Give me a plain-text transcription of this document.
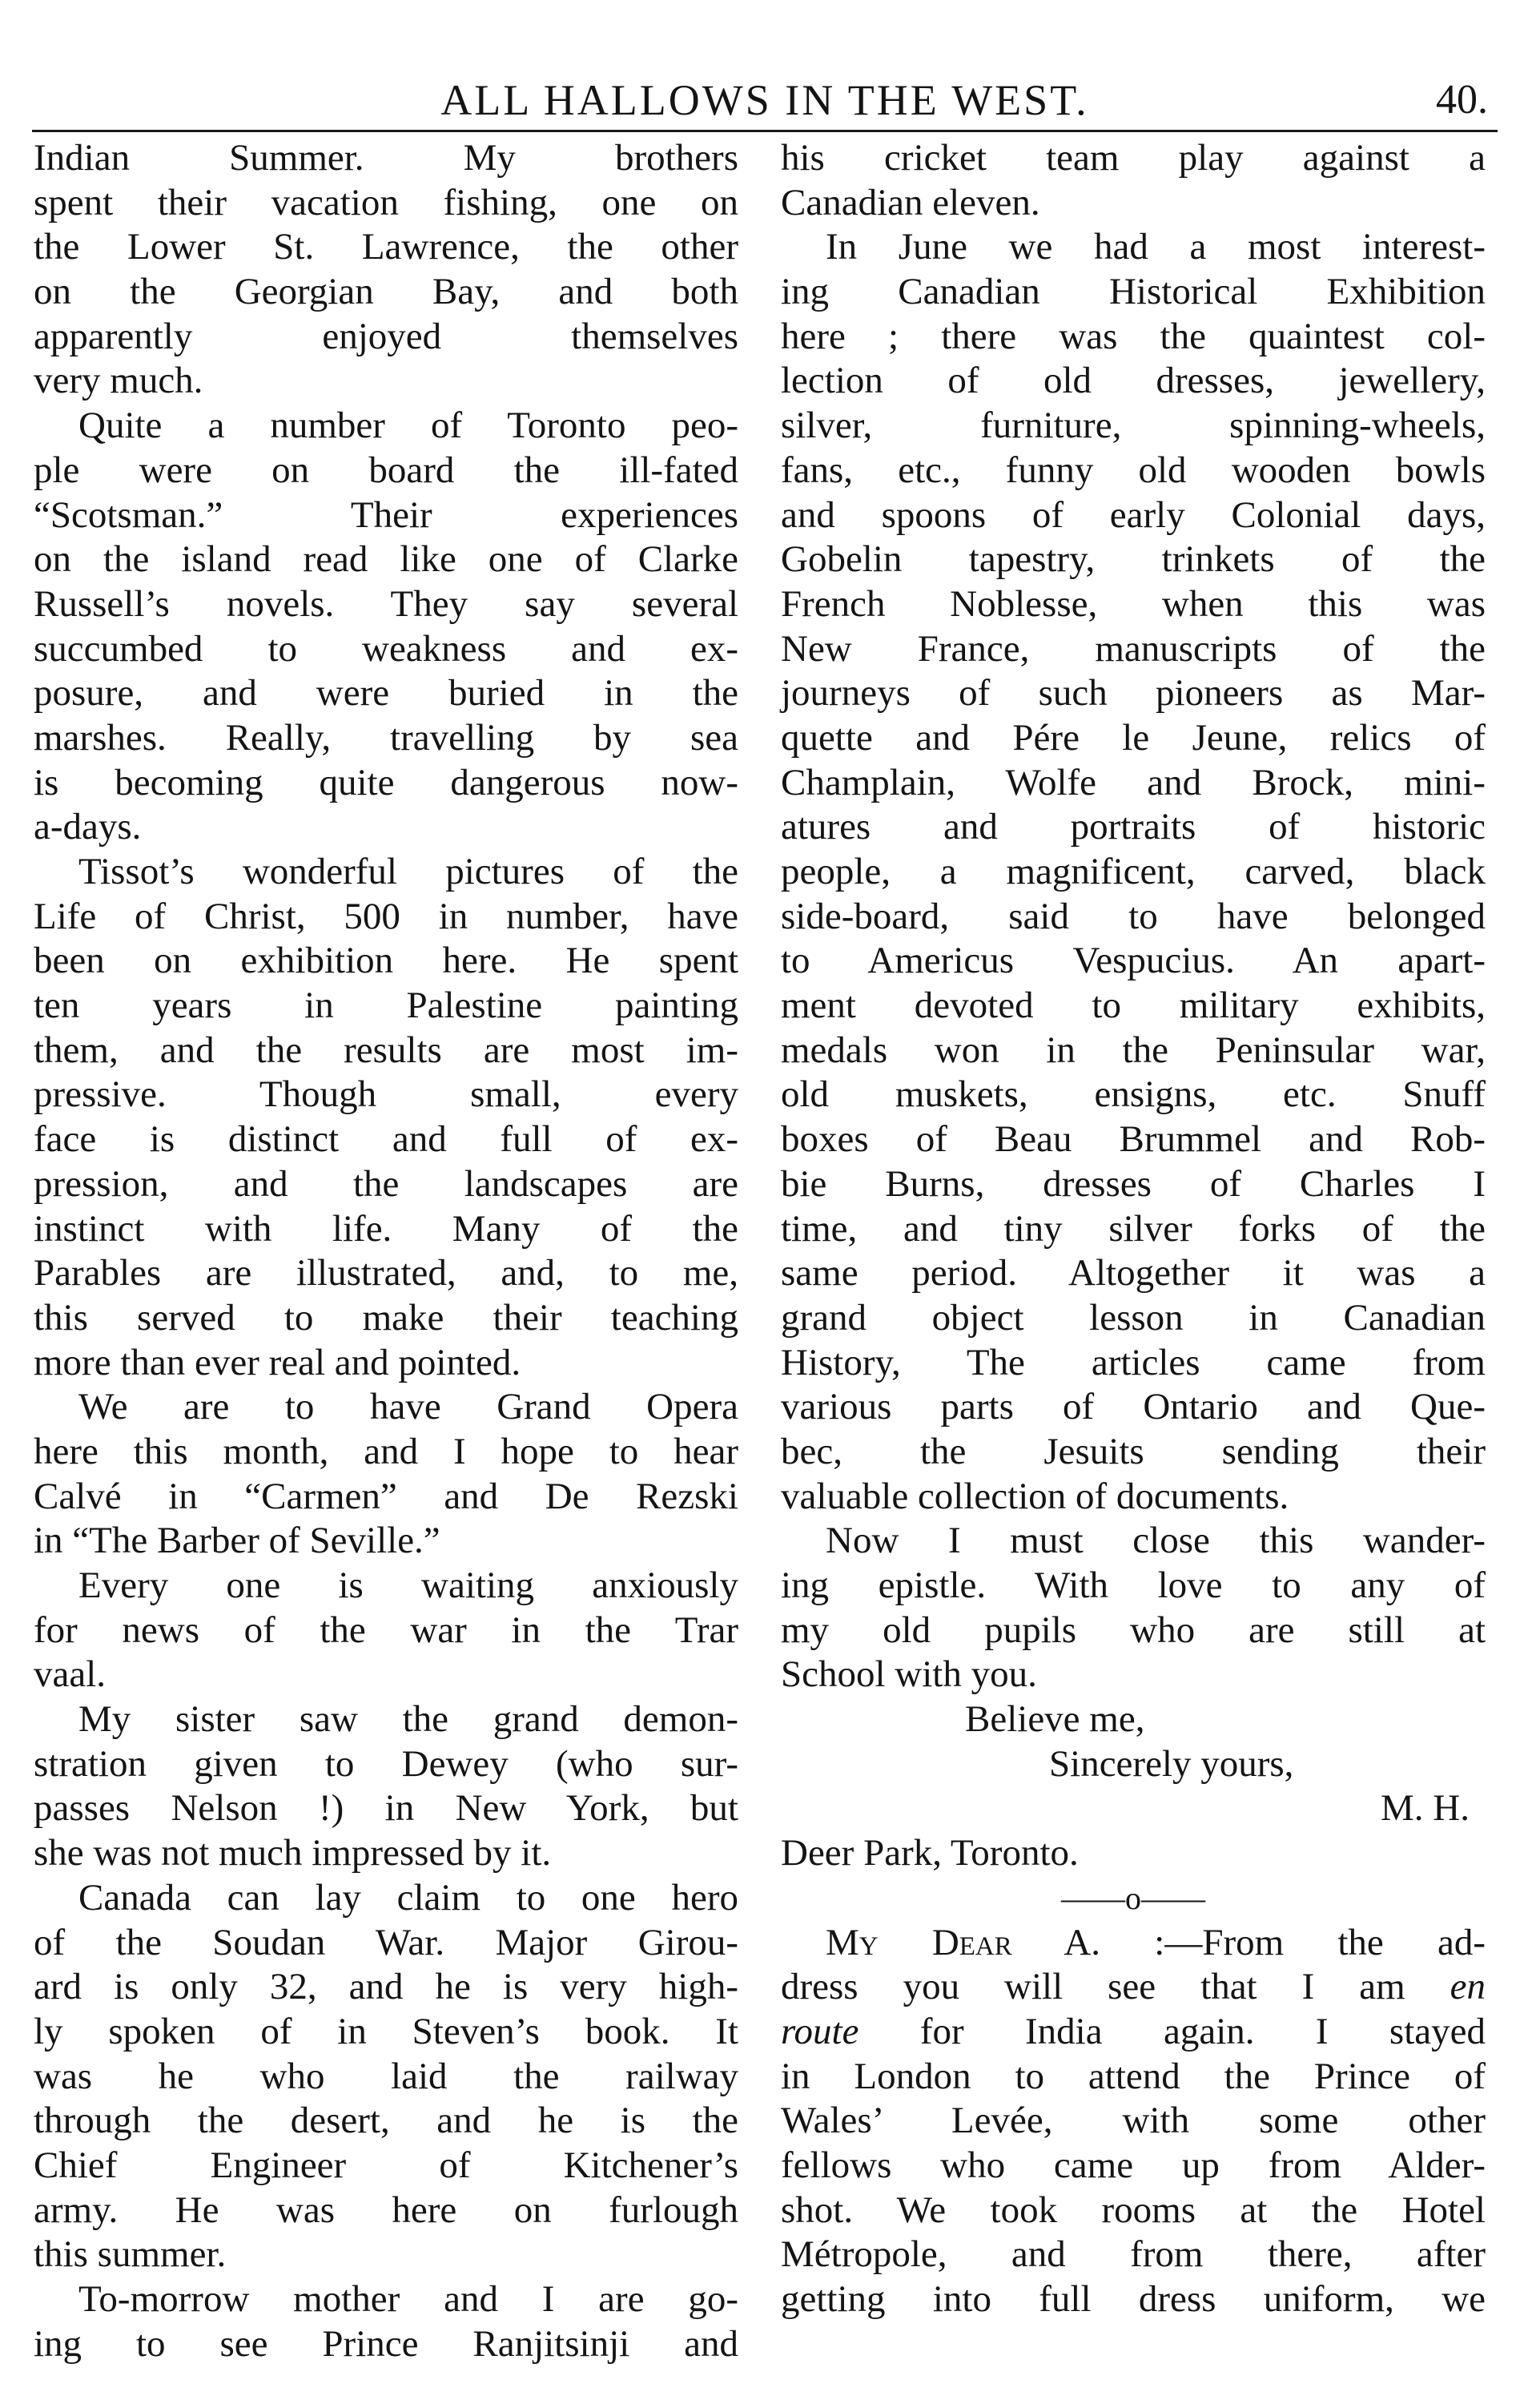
ALL HALLOWS IN THE WEST.	40.
Indian Summer. My brothers
spent their vacation fishing, one on
the Lower St. Lawrence, the other
on the Georgian Bay, and both
apparently enjoyed themselves
very much.
Quite a number of Toronto peo-
ple were on board the ill-fated
“Scotsman.” Their experiences
on the island read like one of Clarke
Russell’s novels. They say several
succumbed to weakness and ex-
posure, and were buried in the
marshes. Really, travelling by sea
is becoming quite dangerous now-
a-days.
Tissot’s wonderful pictures of the
Life of Christ, 500 in number, have
been on exhibition here. He spent
ten years in Palestine painting
them, and the results are most im-
pressive. Though small, every
face is distinct and full of ex-
pression, and the landscapes are
instinct with life. Many of the
Parables are illustrated, and, to me,
this served to make their teaching
more than ever real and pointed.
We are to have Grand Opera
here this month, and I hope to hear
Calvé in “Carmen” and De Rezski
in “The Barber of Seville.”
Every one is waiting anxiously
for news of the war in the Trar
vaal.
My sister saw the grand demon-
stration given to Dewey (who sur-
passes Nelson !) in New York, but
she was not much impressed by it.
Canada can lay claim to one hero
of the Soudan War. Major Girou-
ard is only 32, and he is very high-
ly spoken of in Steven’s book. It
was he who laid the railway
through the desert, and he is the
Chief Engineer of Kitchener’s
army. He was here on furlough
this summer.
To-morrow mother and I are go-
ing to see Prince Ranjitsinji and
his cricket team play against a
Canadian eleven.
In June we had a most interest-
ing Canadian Historical Exhibition
here ; there was the quaintest col-
lection of old dresses, jewellery,
silver, furniture, spinning-wheels,
fans, etc., funny old wooden bowls
and spoons of early Colonial days,
Gobelin tapestry, trinkets of the
French Noblesse, when this was
New France, manuscripts of the
journeys of such pioneers as Mar-
quette and Pére le Jeune, relics of
Champlain, Wolfe and Brock, mini-
atures and portraits of historic
people, a magnificent, carved, black
side-board, said to have belonged
to Americus Vespucius. An apart-
ment devoted to military exhibits,
medals won in the Peninsular war,
old muskets, ensigns, etc. Snuff
boxes of Beau Brummel and Rob-
bie Burns, dresses of Charles I
time, and tiny silver forks of the
same period. Altogether it was a
grand object lesson in Canadian
History, The articles came from
various parts of Ontario and Que-
bec, the Jesuits sending their
valuable collection of documents.
Now I must close this wander-
ing epistle. With love to any of
my old pupils who are still at
School with you.
Believe me,
Sincerely yours,
M. H.
Deer Park, Toronto.
——o——
My Dear A. :—From the ad-
dress you will see that I am en
route for India again. I stayed
in London to attend the Prince of
Wales’ Levée, with some other
fellows who came up from Alder-
shot. We took rooms at the Hotel
Métropole, and from there, after
getting into full dress uniform, we
